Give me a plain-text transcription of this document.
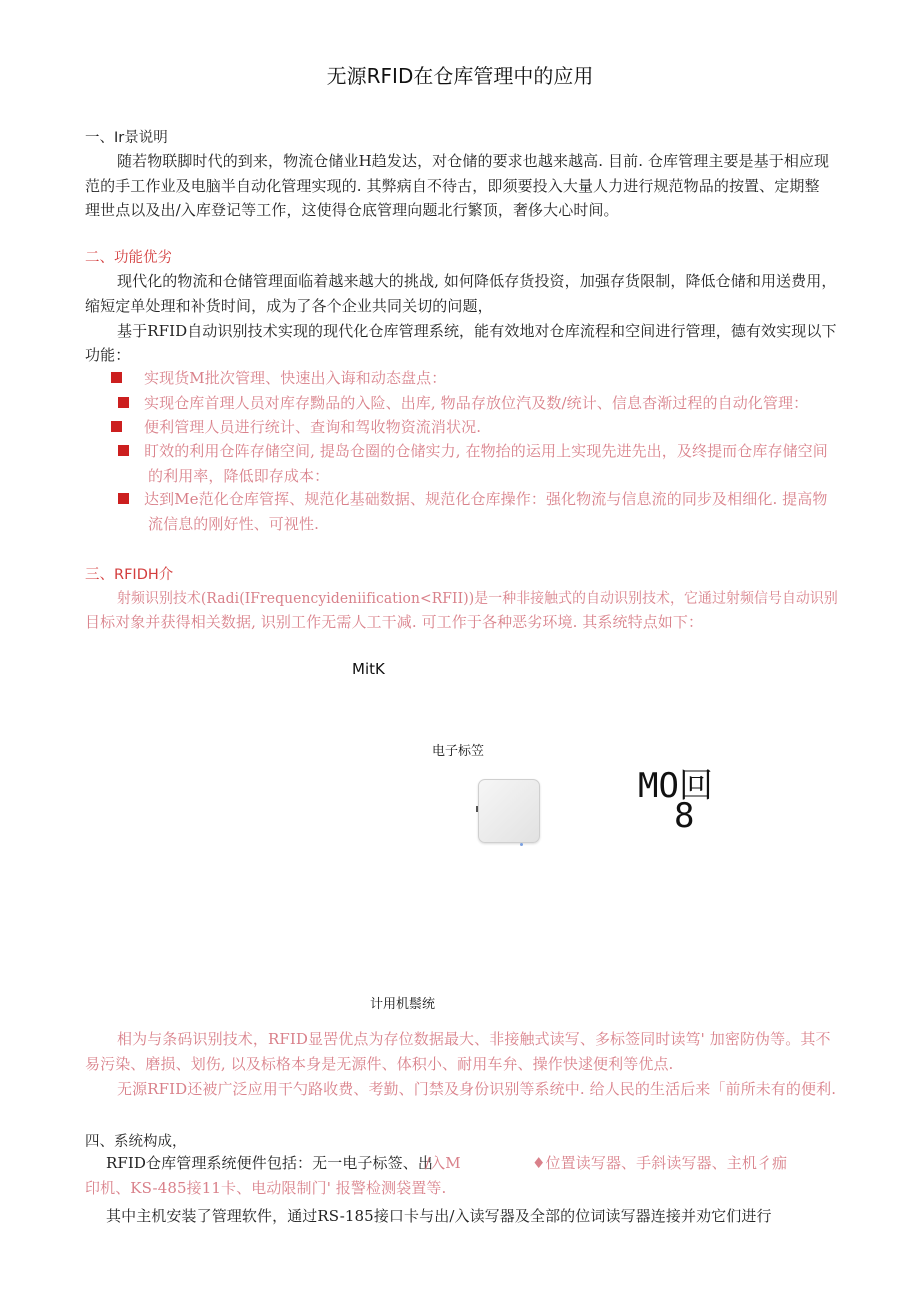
无源RFID在仓库管理中的应用
一、Ir景说明
随若物联脚时代的到来，物流仓储业H趋发达，对仓储的要求也越来越高. 目前. 仓库管理主要是基于相应现
范的手工作业及电脑半自动化管理实现的. 其弊病自不待古，即须要投入大量人力进行规范物品的按置、定期整
理世点以及出/入库登记等工作，这使得仓底管理向题北行繁顶，奢侈大心时间。
二、功能优劣
现代化的物流和仓储管理面临着越来越大的挑战, 如何降低存货投资，加强存货限制，降低仓储和用送费用，
缩短定单处理和补货时间，成为了各个企业共同关切的问题，
基于RFID自动识别技术实现的现代化仓库管理系统，能有效地对仓库流程和空间进行管理，德有效实现以下
功能：
实现货M批次管理、快速出入诲和动态盘点：
实现仓库首理人员对库存黝品的入险、出库, 物品存放位汽及数/统计、信息杳渐过程的自动化管理：
便利管理人员进行统计、查询和驾收物资流消状况.
盯效的利用仓阵存储空间, 提岛仓圈的仓储实力, 在物抬的运用上实现先进先出，及终提而仓库存储空间
的利用率，降低即存成本：
达到Me范化仓库管挥、规范化基础数据、规范化仓库操作：强化物流与信息流的同步及相细化. 提高物
流信息的刚好性、可视性.
三、RFIDH介
射频识别技术(Radi(IFrequencyideniification<RFII))是一种非接触式的自动识别技术，它通过射频信号自动识别
目标对象并获得相关数据, 识别工作无需人工干减. 可工作于各种恶劣环境. 其系统特点如下：
MitK
电子标笠
MO回
8
计用机鬃统
相为与条码识别技术，RFID显罟优点为存位数据最大、非接触式读写、多标签同时读笃' 加密防伪等。其不
易污染、磨损、划伤, 以及标格本身是无源件、体积小、耐用车弁、操作快逑便利等优点.
无源RFID还被广泛应用干勺路收费、考勤、门禁及身份识别等系统中. 给人民的生活后来「前所未有的便利.
四、系统构成，
RFID仓库管理系统便件包括：无一电子标签、出
/入M	♦位置读写器、手斜读写器、主机彳痂
印机、KS-485接11卡、电动限制门' 报警检测袋置等.
其中主机安装了管理软件，通过RS-185接口卡与出/入读写器及全部的位词读写器连接并劝它们进行
